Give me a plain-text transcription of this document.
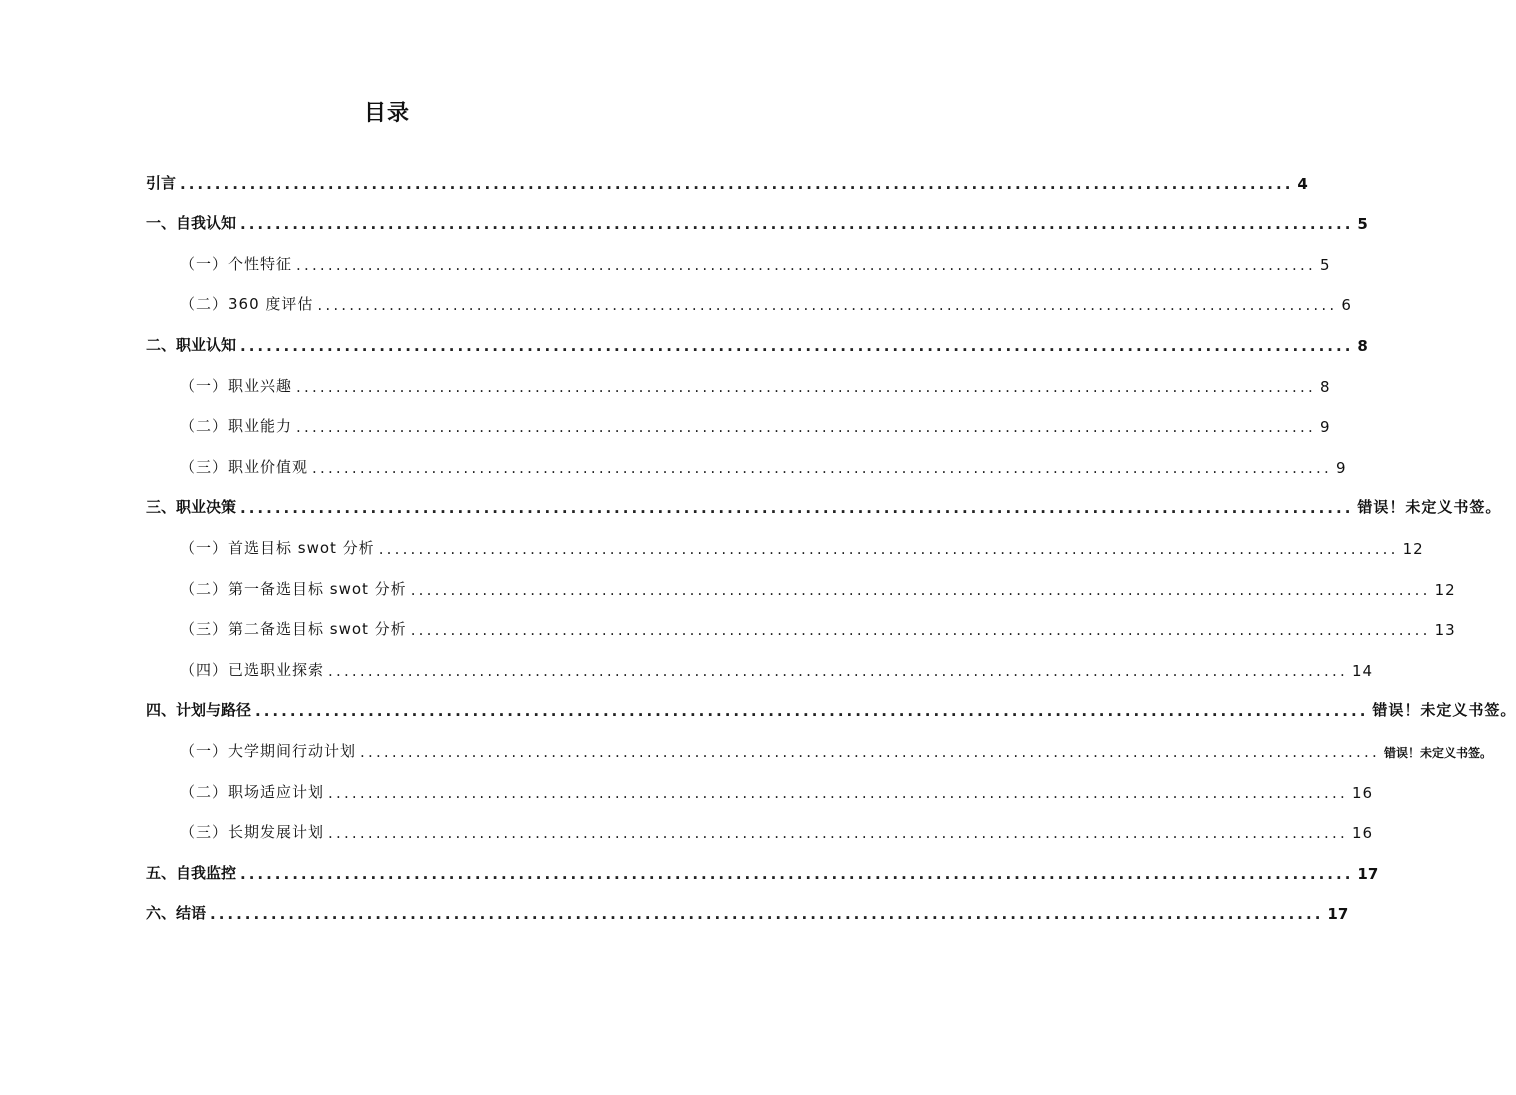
目录
引言 ................................................................................................................................ 4
一、 自我认知 ................................................................................................................................ 5
（一）个性特征 ................................................................................................................................ 5
（二）360 度评估 ................................................................................................................................ 6
二、 职业认知 ................................................................................................................................ 8
（一）职业兴趣 ................................................................................................................................ 8
（二）职业能力 ................................................................................................................................ 9
（三）职业价值观 ................................................................................................................................ 9
三、 职业决策 ................................................................................................................................ 错误！未定义书签。
（一）首选目标 swot 分析 ................................................................................................................................ 12
（二）第一备选目标 swot 分析 ................................................................................................................................ 12
（三）第二备选目标 swot 分析 ................................................................................................................................ 13
（四）已选职业探索 ................................................................................................................................ 14
四、 计划与路径 ................................................................................................................................ 错误！未定义书签。
（一）大学期间行动计划 ................................................................................................................................ 错误！未定义书签。
（二）职场适应计划 ................................................................................................................................ 16
（三）长期发展计划 ................................................................................................................................ 16
五、自我监控 ................................................................................................................................ 17
六、结语 ................................................................................................................................ 17
